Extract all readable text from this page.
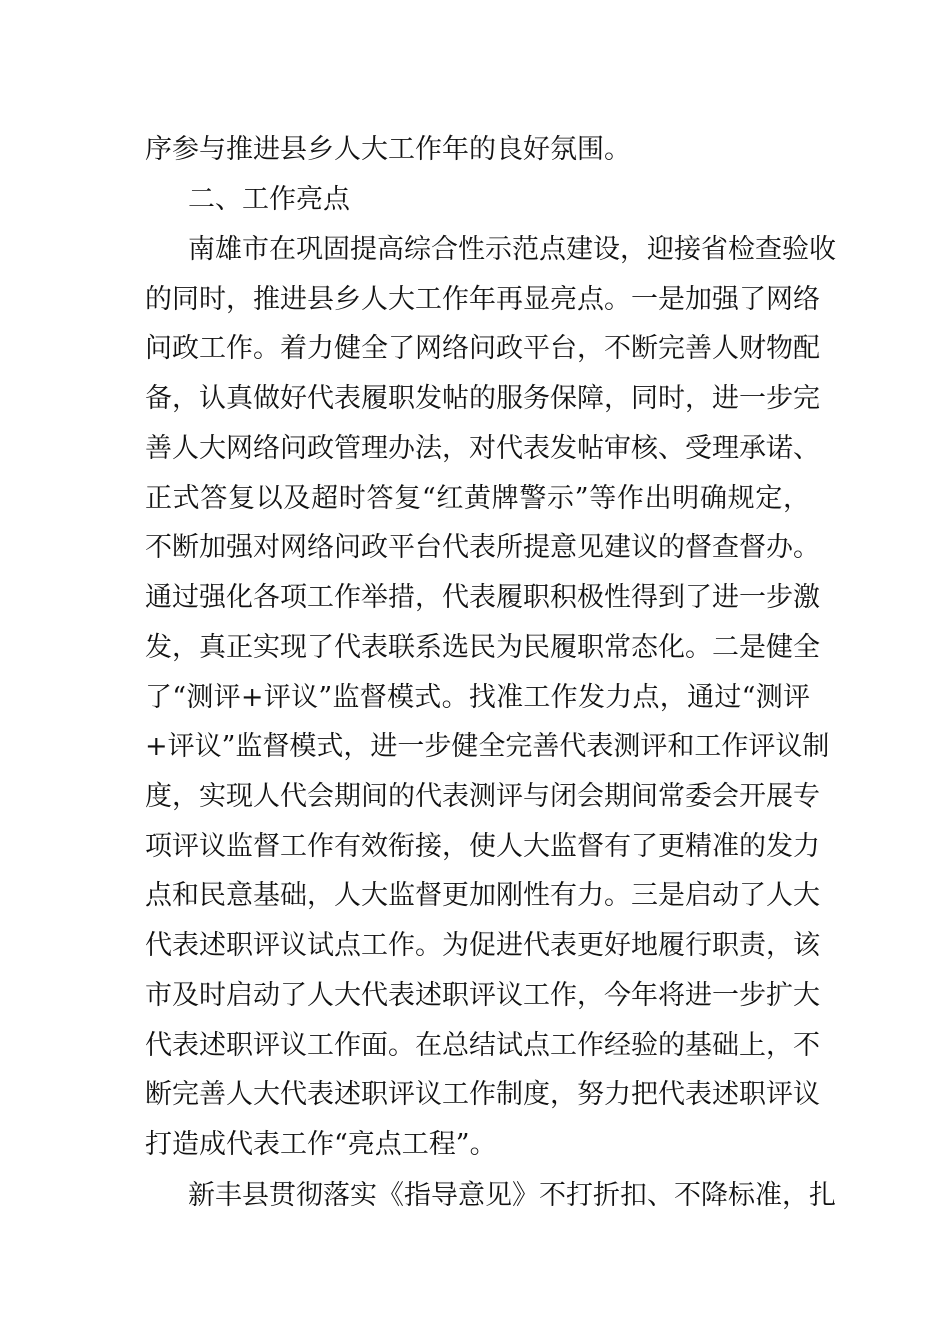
序参与推进县乡人大工作年的良好氛围。
二、工作亮点
南雄市在巩固提高综合性示范点建设，迎接省检查验收
的同时，推进县乡人大工作年再显亮点。一是加强了网络
问政工作。着力健全了网络问政平台，不断完善人财物配
备，认真做好代表履职发帖的服务保障，同时，进一步完
善人大网络问政管理办法，对代表发帖审核、受理承诺、
正式答复以及超时答复“红黄牌警示”等作出明确规定，
不断加强对网络问政平台代表所提意见建议的督查督办。
通过强化各项工作举措，代表履职积极性得到了进一步激
发，真正实现了代表联系选民为民履职常态化。二是健全
了“测评+评议”监督模式。找准工作发力点，通过“测评
+评议”监督模式，进一步健全完善代表测评和工作评议制
度，实现人代会期间的代表测评与闭会期间常委会开展专
项评议监督工作有效衔接，使人大监督有了更精准的发力
点和民意基础，人大监督更加刚性有力。三是启动了人大
代表述职评议试点工作。为促进代表更好地履行职责，该
市及时启动了人大代表述职评议工作，今年将进一步扩大
代表述职评议工作面。在总结试点工作经验的基础上，不
断完善人大代表述职评议工作制度，努力把代表述职评议
打造成代表工作“亮点工程”。
新丰县贯彻落实《指导意见》不打折扣、不降标准，扎
